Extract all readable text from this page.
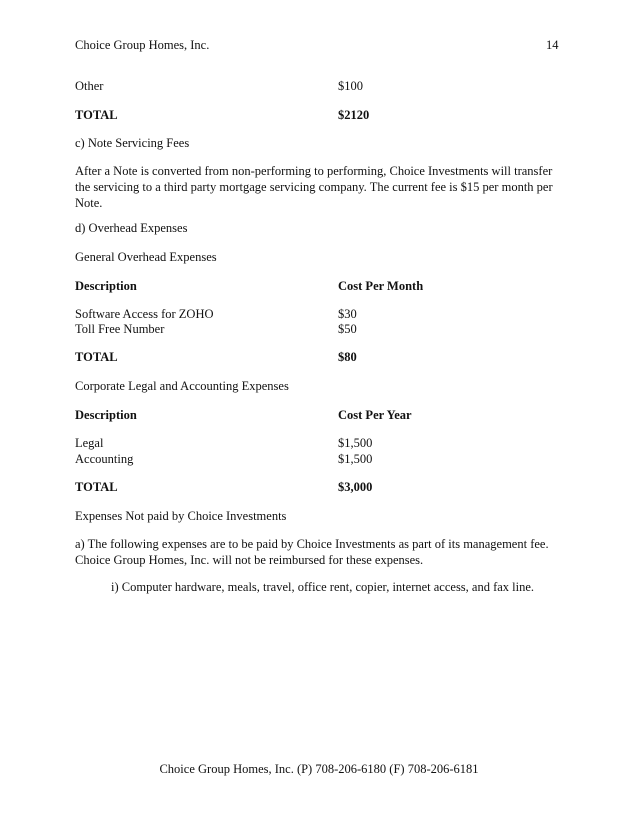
Choice Group Homes, Inc.	14
Other	$100
TOTAL	$2120
c) Note Servicing Fees
After a Note is converted from non-performing to performing, Choice Investments will transfer the servicing to a third party mortgage servicing company. The current fee is $15 per month per Note.
d) Overhead Expenses
General Overhead Expenses
Description	Cost Per Month
Software Access for ZOHO	$30
Toll Free Number	$50
TOTAL	$80
Corporate Legal and Accounting Expenses
Description	Cost Per Year
Legal	$1,500
Accounting	$1,500
TOTAL	$3,000
Expenses Not paid by Choice Investments
a) The following expenses are to be paid by Choice Investments as part of its management fee. Choice Group Homes, Inc. will not be reimbursed for these expenses.
i) Computer hardware, meals, travel, office rent, copier, internet access, and fax line.
Choice Group Homes, Inc. (P) 708-206-6180 (F) 708-206-6181
